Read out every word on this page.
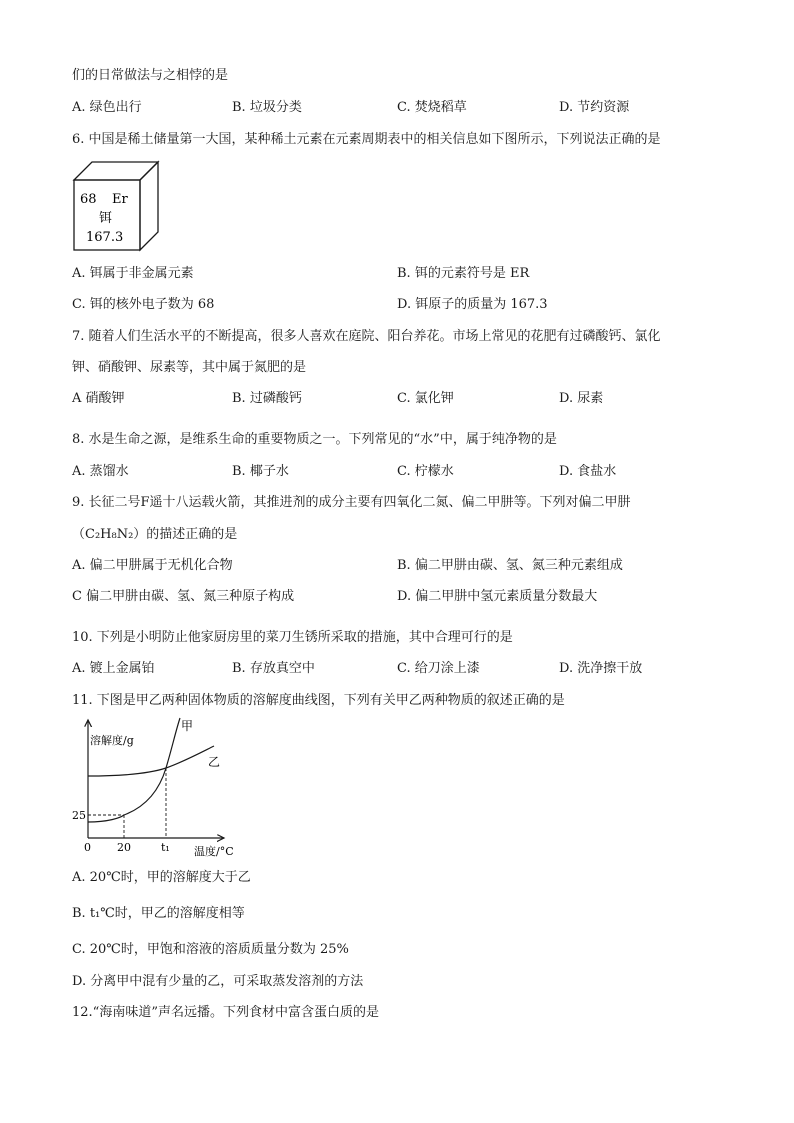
们的日常做法与之相悖的是
A. 绿色出行	B. 垃圾分类	C. 焚烧稻草	D. 节约资源
6. 中国是稀土储量第一大国，某种稀土元素在元素周期表中的相关信息如下图所示，下列说法正确的是
68 Er
铒
167.3
A. 铒属于非金属元素	B. 铒的元素符号是 ER
C. 铒的核外电子数为 68	D. 铒原子的质量为 167.3
7. 随着人们生活水平的不断提高，很多人喜欢在庭院、阳台养花。市场上常见的花肥有过磷酸钙、氯化
钾、硝酸钾、尿素等，其中属于氮肥的是
A 硝酸钾	B. 过磷酸钙	C. 氯化钾	D. 尿素
8. 水是生命之源，是维系生命的重要物质之一。下列常见的“水”中，属于纯净物的是
A. 蒸馏水	B. 椰子水	C. 柠檬水	D. 食盐水
9. 长征二号F遥十八运载火箭，其推进剂的成分主要有四氧化二氮、偏二甲肼等。下列对偏二甲肼
（C₂H₈N₂）的描述正确的是
A. 偏二甲肼属于无机化合物	B. 偏二甲肼由碳、氢、氮三种元素组成
C 偏二甲肼由碳、氢、氮三种原子构成	D. 偏二甲肼中氢元素质量分数最大
10. 下列是小明防止他家厨房里的菜刀生锈所采取的措施，其中合理可行的是
A. 镀上金属铂	B. 存放真空中	C. 给刀涂上漆	D. 洗净擦干放
11. 下图是甲乙两种固体物质的溶解度曲线图，下列有关甲乙两种物质的叙述正确的是
溶解度/g
温度/°C
0 20	t₁
25
甲
乙
A. 20℃时，甲的溶解度大于乙
B. t₁℃时，甲乙的溶解度相等
C. 20℃时，甲饱和溶液的溶质质量分数为 25%
D. 分离甲中混有少量的乙，可采取蒸发溶剂的方法
12.“海南味道”声名远播。下列食材中富含蛋白质的是
